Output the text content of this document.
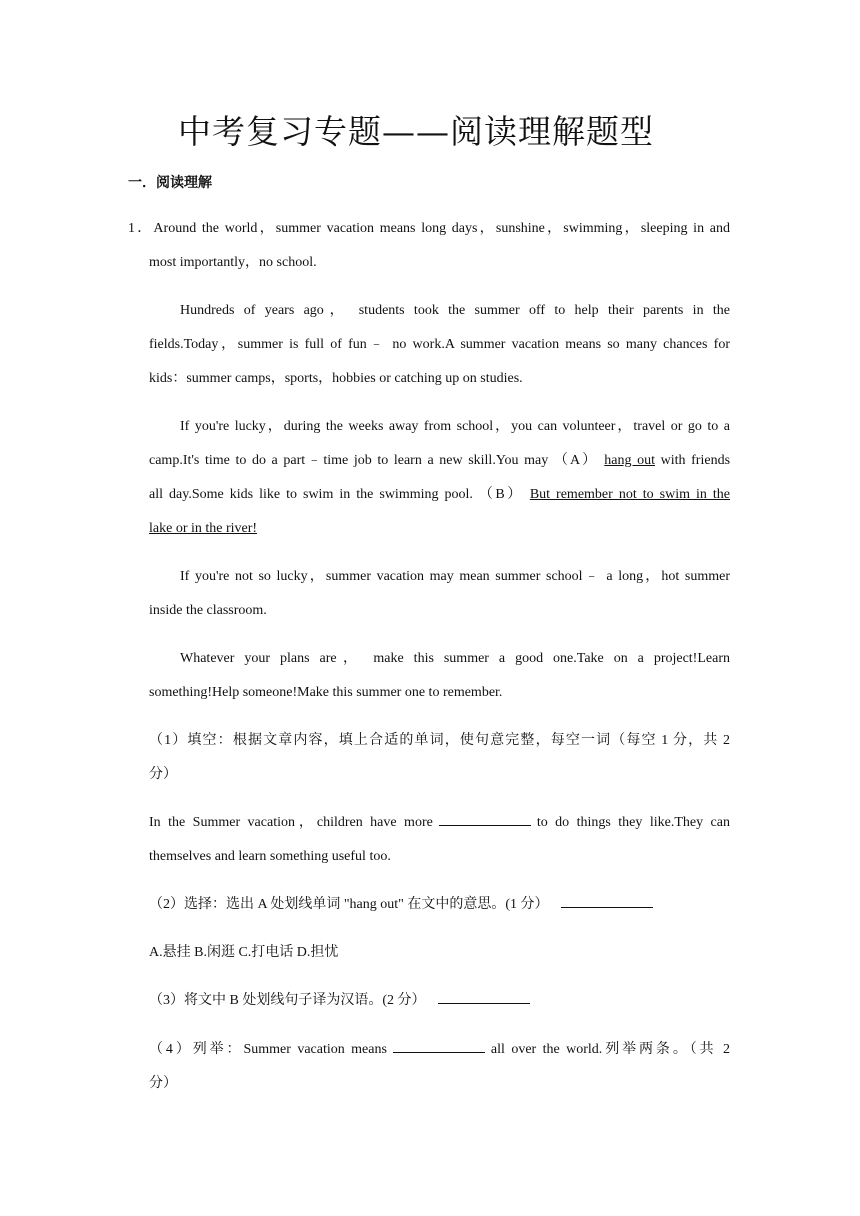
中考复习专题——阅读理解题型

一．阅读理解

1．Around the world，summer vacation means long days，sunshine，swimming，sleeping in and

most importantly，no school.

Hundreds of years ago， students took the summer off to help their parents in the

fields.Today，summer is full of fun﹣ no work.A summer vacation means so many chances for

kids：summer camps，sports，hobbies or catching up on studies.

If you're lucky，during the weeks away from school，you can volunteer，travel or go to a

camp.It's time to do a part﹣time job to learn a new skill.You may （A） hang out with friends

all day.Some kids like to swim in the swimming pool. （B） But remember not to swim in the

lake or in the river!

If you're not so lucky，summer vacation may mean summer school﹣ a long，hot summer

inside the classroom.

Whatever your plans are， make this summer a good one.Take on a project!Learn

something!Help someone!Make this summer one to remember.

（1）填空：根据文章内容，填上合适的单词，使句意完整，每空一词（每空 1 分，共 2

分）

In the Summer vacation，children have more	to do things they like.They can

themselves and learn something useful too.

（2）选择：选出 A 处划线单词 "hang out" 在文中的意思。(1 分）

A.悬挂 B.闲逛 C.打电话 D.担忧

（3）将文中 B 处划线句子译为汉语。(2 分）

（4）列举：Summer vacation means	all over the world.列举两条。（共 2

分）
